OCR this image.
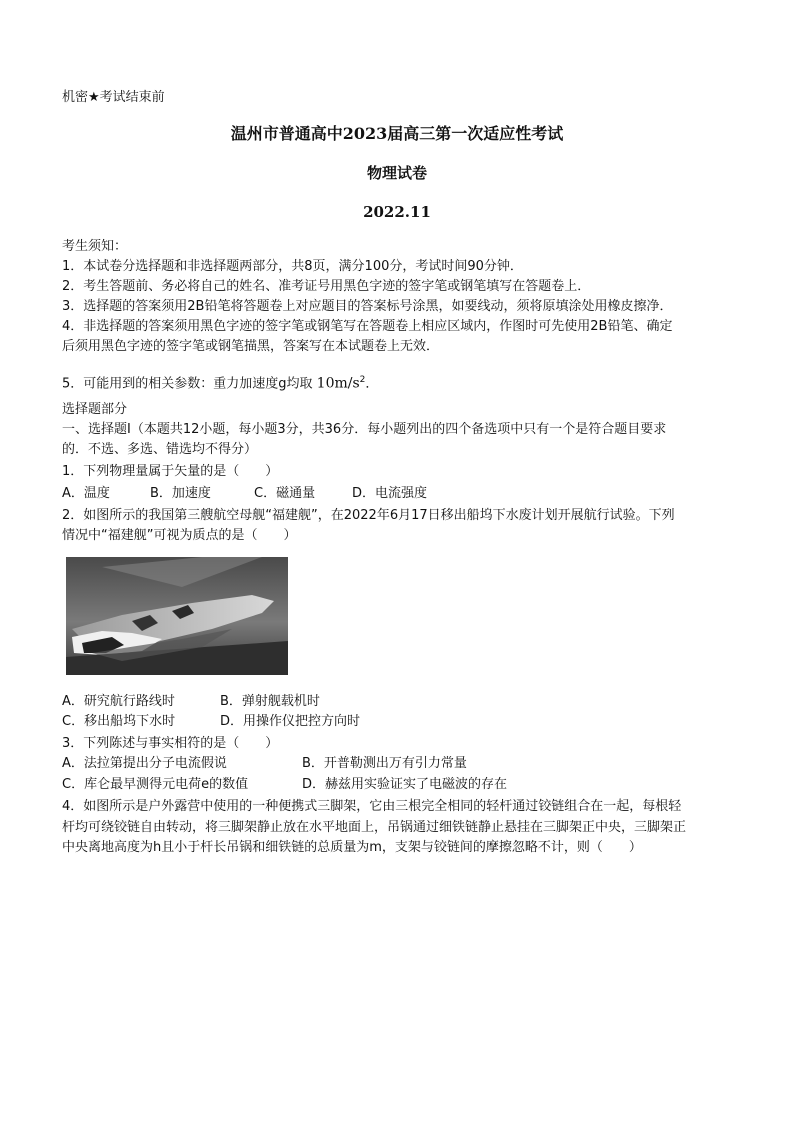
机密★考试结束前
温州市普通高中2023届高三第一次适应性考试
物理试卷
2022.11
考生须知：
1．本试卷分选择题和非选择题两部分，共8页，满分100分，考试时间90分钟．
2．考生答题前、务必将自己的姓名、准考证号用黑色字迹的签字笔或钢笔填写在答题卷上．
3．选择题的答案须用2B铅笔将答题卷上对应题目的答案标号涂黑，如要线动，须将原填涂处用橡皮擦净．
4．非选择题的答案须用黑色字迹的签字笔或钢笔写在答题卷上相应区域内，作图时可先使用2B铅笔、确定
后须用黑色字迹的签字笔或钢笔描黑，答案写在本试题卷上无效．
5．可能用到的相关参数：重力加速度g均取 $10m/s^2$．
选择题部分
一、选择题Ⅰ（本题共12小题，每小题3分，共36分．每小题列出的四个备选项中只有一个是符合题目要求
的．不选、多选、错选均不得分）
1．下列物理量属于矢量的是（　　）
A．温度	B．加速度	C．磁通量	D．电流强度
2．如图所示的我国第三艘航空母舰“福建舰”，在2022年6月17日移出船坞下水废计划开展航行试验。下列
情况中“福建舰”可视为质点的是（　　）
A．研究航行路线时	B．弹射舰载机时
C．移出船坞下水时	D．用操作仪把控方向时
3．下列陈述与事实相符的是（　　）
A．法拉第提出分子电流假说	B．开普勒测出万有引力常量
C．库仑最早测得元电荷e的数值	D．赫兹用实验证实了电磁波的存在
4．如图所示是户外露营中使用的一种便携式三脚架，它由三根完全相同的轻杆通过铰链组合在一起，每根轻
杆均可绕铰链自由转动，将三脚架静止放在水平地面上，吊锅通过细铁链静止悬挂在三脚架正中央，三脚架正
中央离地高度为h且小于杆长吊锅和细铁链的总质量为m，支架与铰链间的摩擦忽略不计，则（　　）
